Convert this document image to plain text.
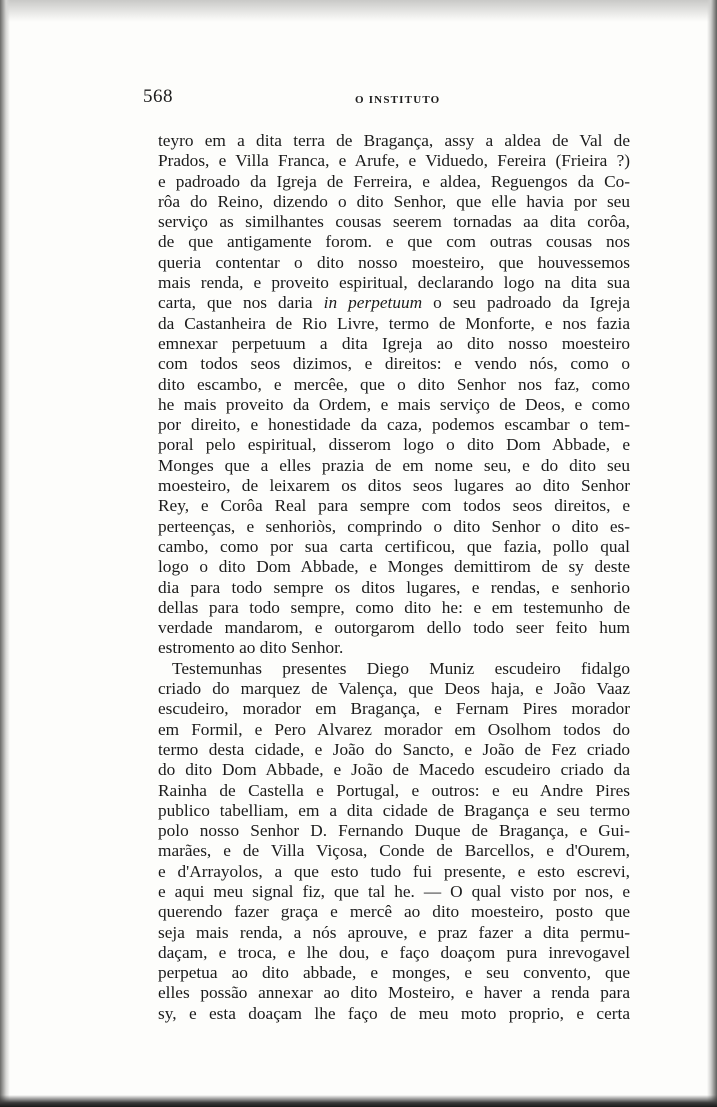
568	O INSTITUTO
teyro em a dita terra de Bragança, assy a aldea de Val de
Prados, e Villa Franca, e Arufe, e Viduedo, Fereira (Frieira ?)
e padroado da Igreja de Ferreira, e aldea, Reguengos da Co-
rôa do Reino, dizendo o dito Senhor, que elle havia por seu
serviço as similhantes cousas seerem tornadas aa dita corôa,
de que antigamente forom. e que com outras cousas nos
queria contentar o dito nosso moesteiro, que houvessemos
mais renda, e proveito espiritual, declarando logo na dita sua
carta, que nos daria in perpetuum o seu padroado da Igreja
da Castanheira de Rio Livre, termo de Monforte, e nos fazia
emnexar perpetuum a dita Igreja ao dito nosso moesteiro
com todos seos dizimos, e direitos: e vendo nós, como o
dito escambo, e mercêe, que o dito Senhor nos faz, como
he mais proveito da Ordem, e mais serviço de Deos, e como
por direito, e honestidade da caza, podemos escambar o tem-
poral pelo espiritual, disserom logo o dito Dom Abbade, e
Monges que a elles prazia de em nome seu, e do dito seu
moesteiro, de leixarem os ditos seos lugares ao dito Senhor
Rey, e Corôa Real para sempre com todos seos direitos, e
perteenças, e senhoriòs, comprindo o dito Senhor o dito es-
cambo, como por sua carta certificou, que fazia, pollo qual
logo o dito Dom Abbade, e Monges demittirom de sy deste
dia para todo sempre os ditos lugares, e rendas, e senhorio
dellas para todo sempre, como dito he: e em testemunho de
verdade mandarom, e outorgarom dello todo seer feito hum
estromento ao dito Senhor.
Testemunhas presentes Diego Muniz escudeiro fidalgo
criado do marquez de Valença, que Deos haja, e João Vaaz
escudeiro, morador em Bragança, e Fernam Pires morador
em Formil, e Pero Alvarez morador em Osolhom todos do
termo desta cidade, e João do Sancto, e João de Fez criado
do dito Dom Abbade, e João de Macedo escudeiro criado da
Rainha de Castella e Portugal, e outros: e eu Andre Pires
publico tabelliam, em a dita cidade de Bragança e seu termo
polo nosso Senhor D. Fernando Duque de Bragança, e Gui-
marães, e de Villa Viçosa, Conde de Barcellos, e d'Ourem,
e d'Arrayolos, a que esto tudo fui presente, e esto escrevi,
e aqui meu signal fiz, que tal he. — O qual visto por nos, e
querendo fazer graça e mercê ao dito moesteiro, posto que
seja mais renda, a nós aprouve, e praz fazer a dita permu-
daçam, e troca, e lhe dou, e faço doaçom pura inrevogavel
perpetua ao dito abbade, e monges, e seu convento, que
elles possão annexar ao dito Mosteiro, e haver a renda para
sy, e esta doaçam lhe faço de meu moto proprio, e certa
